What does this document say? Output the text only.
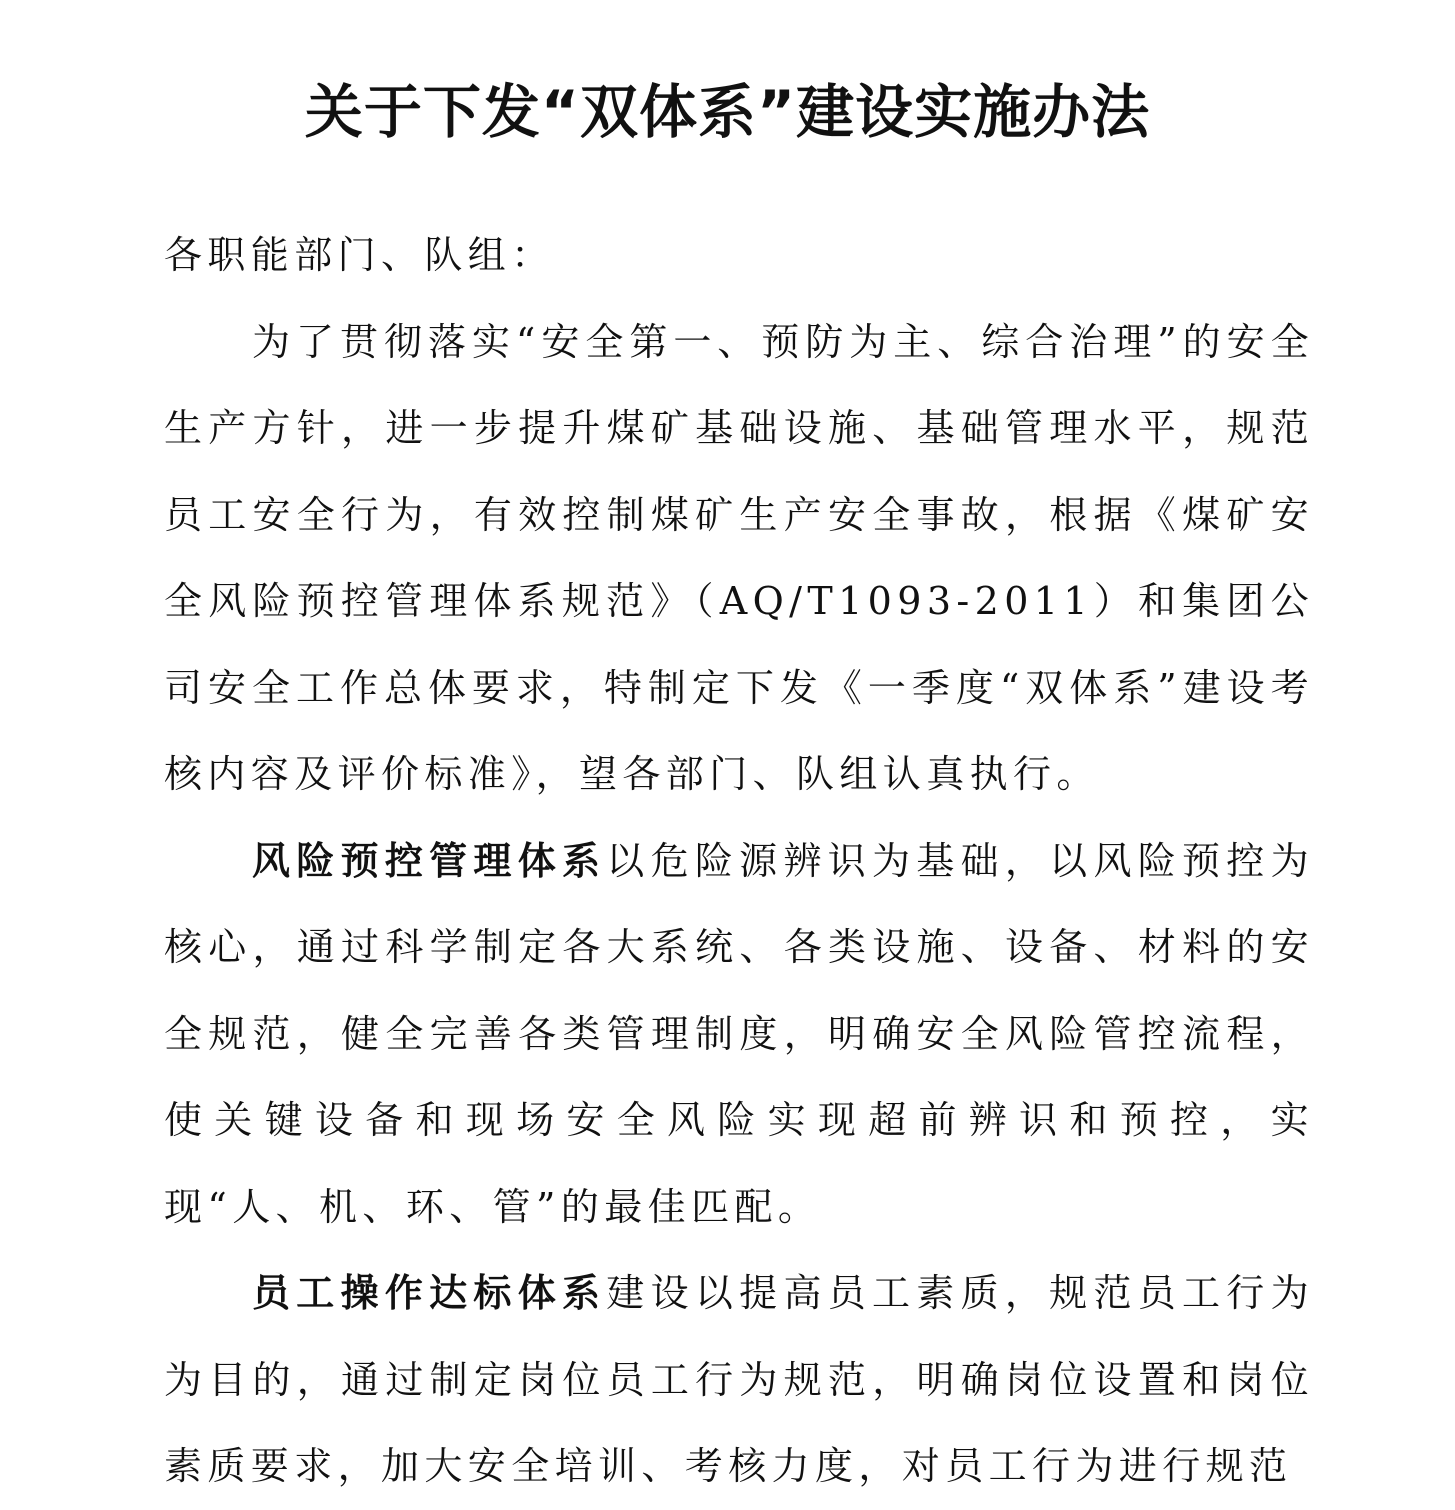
关于下发“双体系”建设实施办法

各职能部门、队组：

为了贯彻落实“安全第一、预防为主、综合治理”的安全生产方针，进一步提升煤矿基础设施、基础管理水平，规范员工安全行为，有效控制煤矿生产安全事故，根据《煤矿安全风险预控管理体系规范》（AQ/T1093-2011）和集团公司安全工作总体要求，特制定下发《一季度“双体系”建设考核内容及评价标准》，望各部门、队组认真执行。

风险预控管理体系以危险源辨识为基础，以风险预控为核心，通过科学制定各大系统、各类设施、设备、材料的安全规范，健全完善各类管理制度，明确安全风险管控流程，使关键设备和现场安全风险实现超前辨识和预控，实现“人、机、环、管”的最佳匹配。

员工操作达标体系建设以提高员工素质，规范员工行为为目的，通过制定岗位员工行为规范，明确岗位设置和岗位素质要求，加大安全培训、考核力度，对员工行为进行规范
